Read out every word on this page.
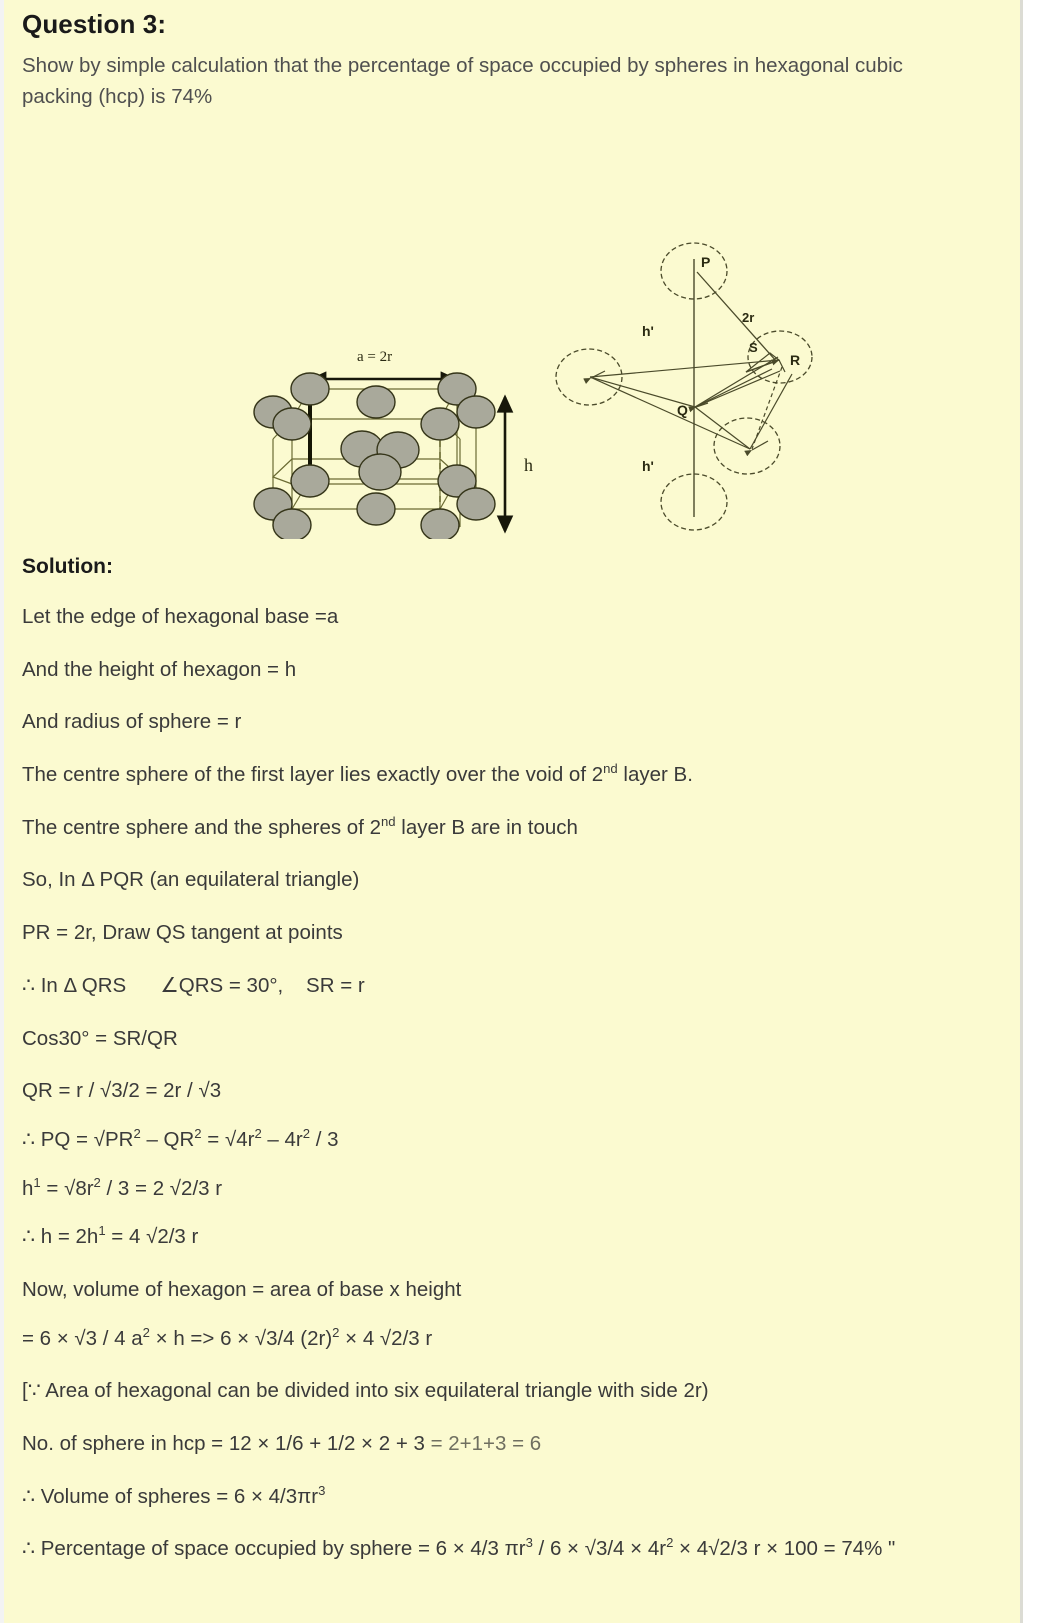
Question 3:

Show by simple calculation that the percentage of space occupied by spheres in hexagonal cubic packing (hcp) is 74%

a = 2r
h
P
R
S
Q
2r
h'
h'
Solution:

Let the edge of hexagonal base =a

And the height of hexagon = h

And radius of sphere = r

The centre sphere of the first layer lies exactly over the void of 2nd layer B.

The centre sphere and the spheres of 2nd layer B are in touch

So, In Δ PQR (an equilateral triangle)

PR = 2r, Draw QS tangent at points

∴ In Δ QRS      ∠QRS = 30°,    SR = r

Cos30° = SR/QR

QR = r / √3/2 = 2r / √3

∴ PQ = $√PR^2 - QR^2 = √4r^2 - 4r^2 / 3$

$h^1 = √8r^2 / 3 = 2$ √2/3 r

∴ $h = 2h^1 = 4$ √2/3 r

Now, volume of hexagon = area of base x height

= 6 × √3 / 4 $a^2 \times h => 6 \times √3/4$ $(2r)^2 \times 4$ √2/3 r

[∵ Area of hexagonal can be divided into six equilateral triangle with side 2r)

No. of sphere in hcp = 12 × 1/6 + 1/2 × 2 + 3 = 2+1+3 = 6

∴ Volume of spheres = $6 \times 4/3\pi r^3$

∴ Percentage of space occupied by sphere = 6 × 4/3 $\pi r^3 / 6 \times √3/4 \times 4r^2 \times 4√2/3$ r × 100 = 74% "
